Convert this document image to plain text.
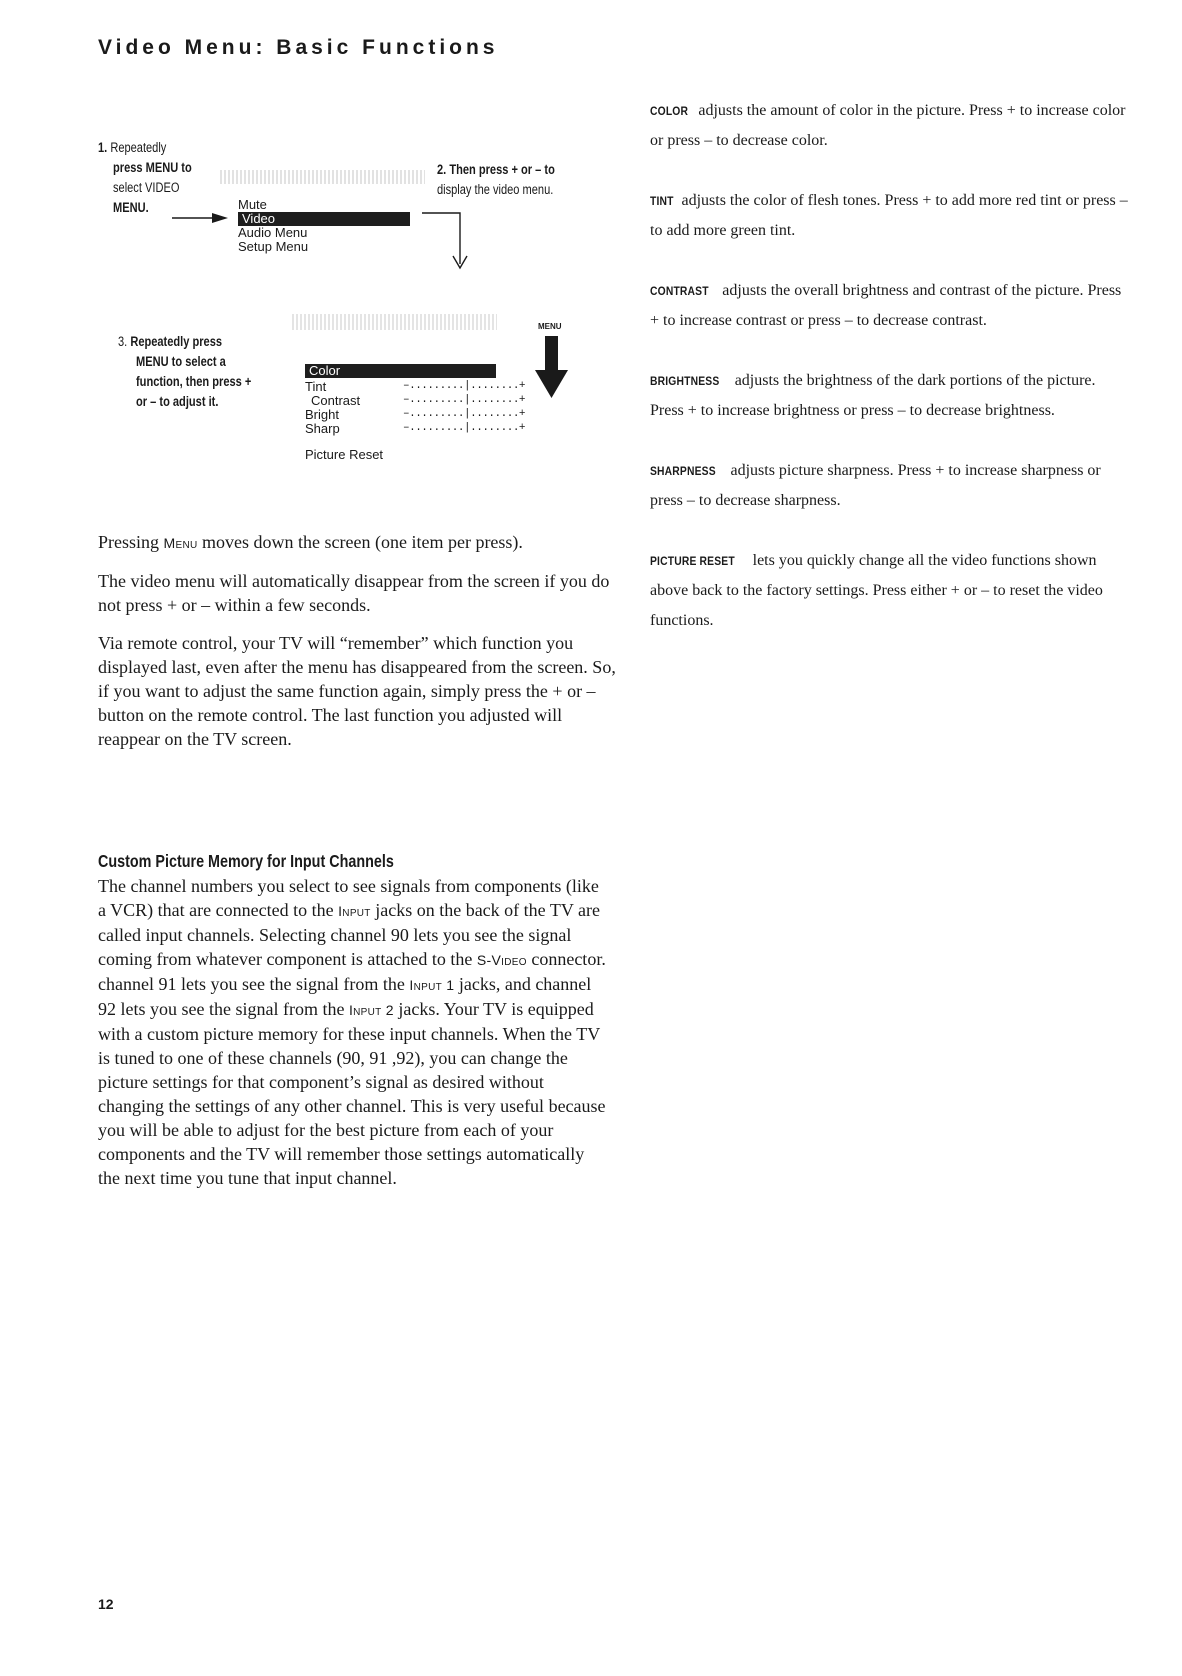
Video Menu: Basic Functions
1. Repeatedly
press MENU to
select VIDEO
MENU.	Mute
Video
Audio Menu
Setup Menu
2. Then press + or – to
display the video menu.
3. Repeatedly press
MENU to select a
function, then press +
or – to adjust it.
Color
Tint	–.........|........+
Contrast	–.........|........+
Bright	–.........|........+
Sharp	–.........|........+
Picture Reset
MENU

Pressing Menu moves down the screen (one item per press).

The video menu will automatically disappear from the screen if you do not press + or – within a few seconds.

Via remote control, your TV will “remember” which function you displayed last, even after the menu has disappeared from the screen. So, if you want to adjust the same function again, simply press the + or – button on the remote control. The last function you adjusted will reappear on the TV screen.

Custom Picture Memory for Input Channels

The channel numbers you select to see signals from components (like a VCR) that are connected to the Input jacks on the back of the TV are called input channels. Selecting channel 90 lets you see the signal coming from whatever component is attached to the S-Video connector. channel 91 lets you see the signal from the Input 1 jacks, and channel 92 lets you see the signal from the Input 2 jacks. Your TV is equipped with a custom picture memory for these input channels. When the TV is tuned to one of these channels (90, 91 ,92), you can change the picture settings for that component’s signal as desired without changing the settings of any other channel. This is very useful because you will be able to adjust for the best picture from each of your components and the TV will remember those settings automatically the next time you tune that input channel.

COLOR adjusts the amount of color in the picture. Press + to increase color or press – to decrease color.

TINT adjusts the color of flesh tones. Press + to add more red tint or press – to add more green tint.

CONTRAST adjusts the overall brightness and contrast of the picture. Press + to increase contrast or press – to decrease contrast.

BRIGHTNESS adjusts the brightness of the dark portions of the picture. Press + to increase brightness or press – to decrease brightness.

SHARPNESS adjusts picture sharpness. Press + to increase sharpness or press – to decrease sharpness.

PICTURE RESET lets you quickly change all the video functions shown above back to the factory settings. Press either + or – to reset the video functions.

12
